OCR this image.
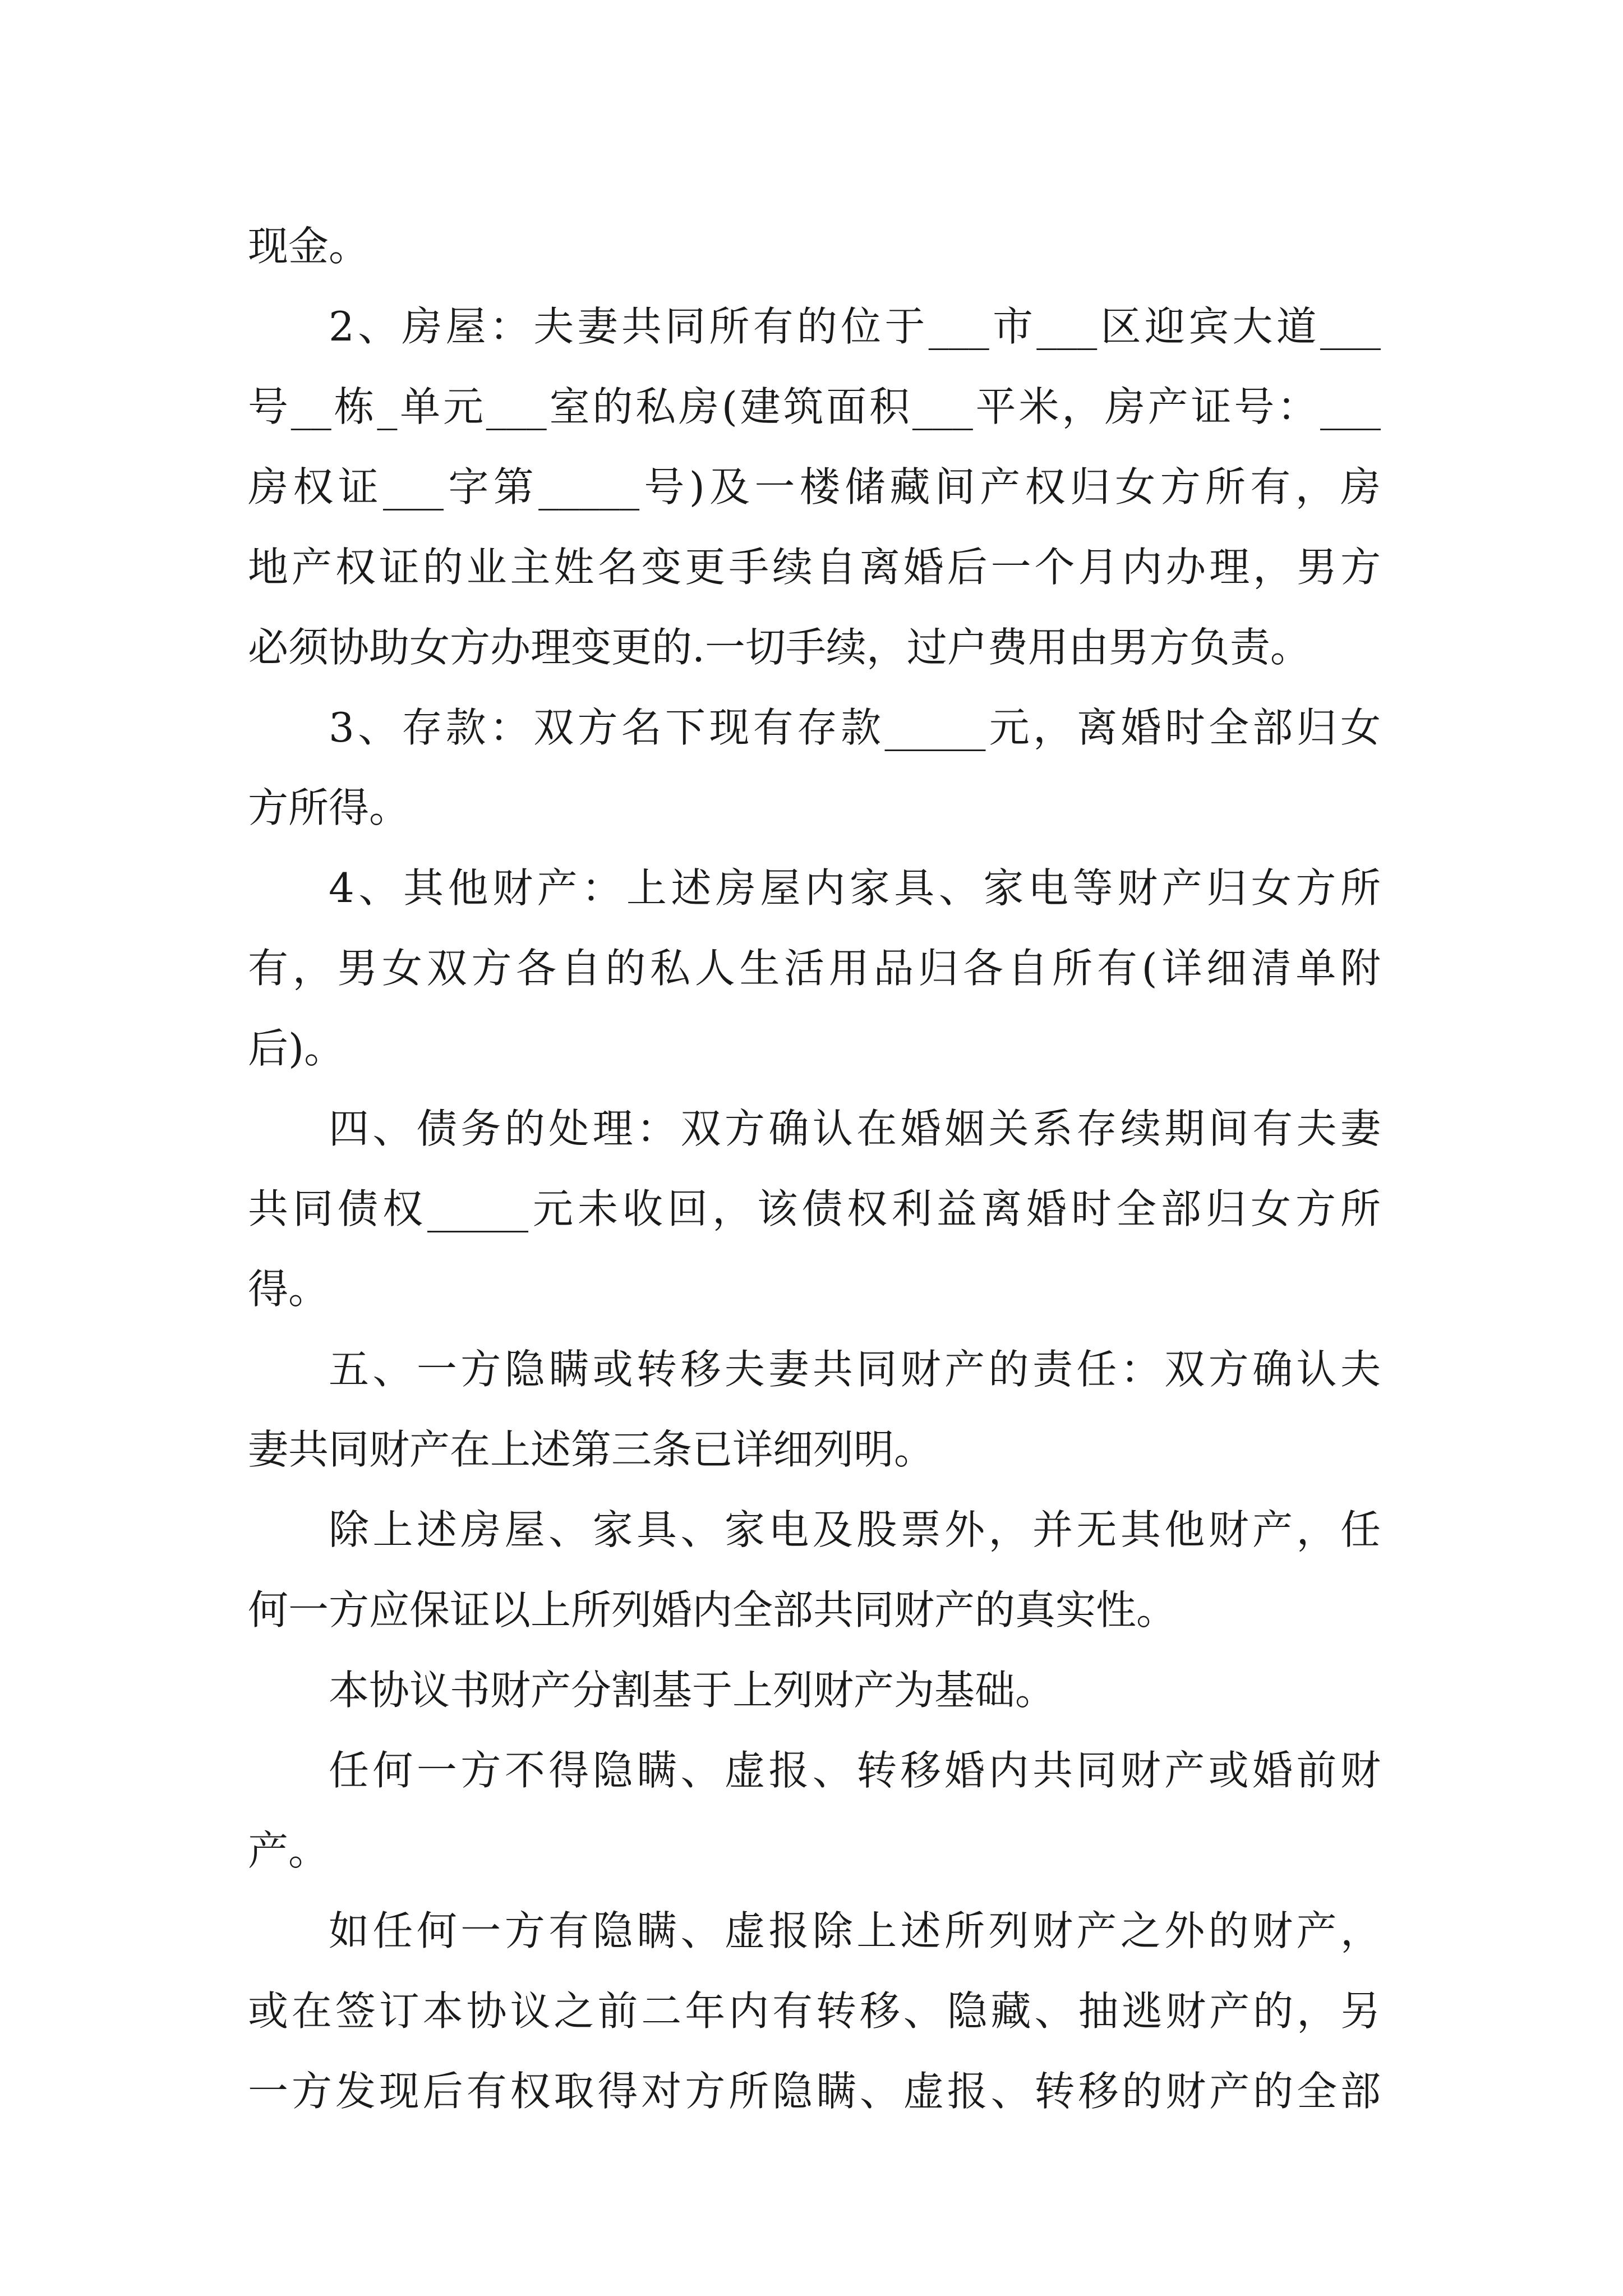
现金。
2、房屋：夫妻共同所有的位于___市___区迎宾大道___
号__栋_单元___室的私房(建筑面积___平米，房产证号：___
房权证___字第_____号)及一楼储藏间产权归女方所有，房
地产权证的业主姓名变更手续自离婚后一个月内办理，男方
必须协助女方办理变更的.一切手续，过户费用由男方负责。
3、存款：双方名下现有存款_____元，离婚时全部归女
方所得。
4、其他财产：上述房屋内家具、家电等财产归女方所
有，男女双方各自的私人生活用品归各自所有(详细清单附
后)。
四、债务的处理：双方确认在婚姻关系存续期间有夫妻
共同债权_____元未收回，该债权利益离婚时全部归女方所
得。
五、一方隐瞒或转移夫妻共同财产的责任：双方确认夫
妻共同财产在上述第三条已详细列明。
除上述房屋、家具、家电及股票外，并无其他财产，任
何一方应保证以上所列婚内全部共同财产的真实性。
本协议书财产分割基于上列财产为基础。
任何一方不得隐瞒、虚报、转移婚内共同财产或婚前财
产。
如任何一方有隐瞒、虚报除上述所列财产之外的财产，
或在签订本协议之前二年内有转移、隐藏、抽逃财产的，另
一方发现后有权取得对方所隐瞒、虚报、转移的财产的全部
